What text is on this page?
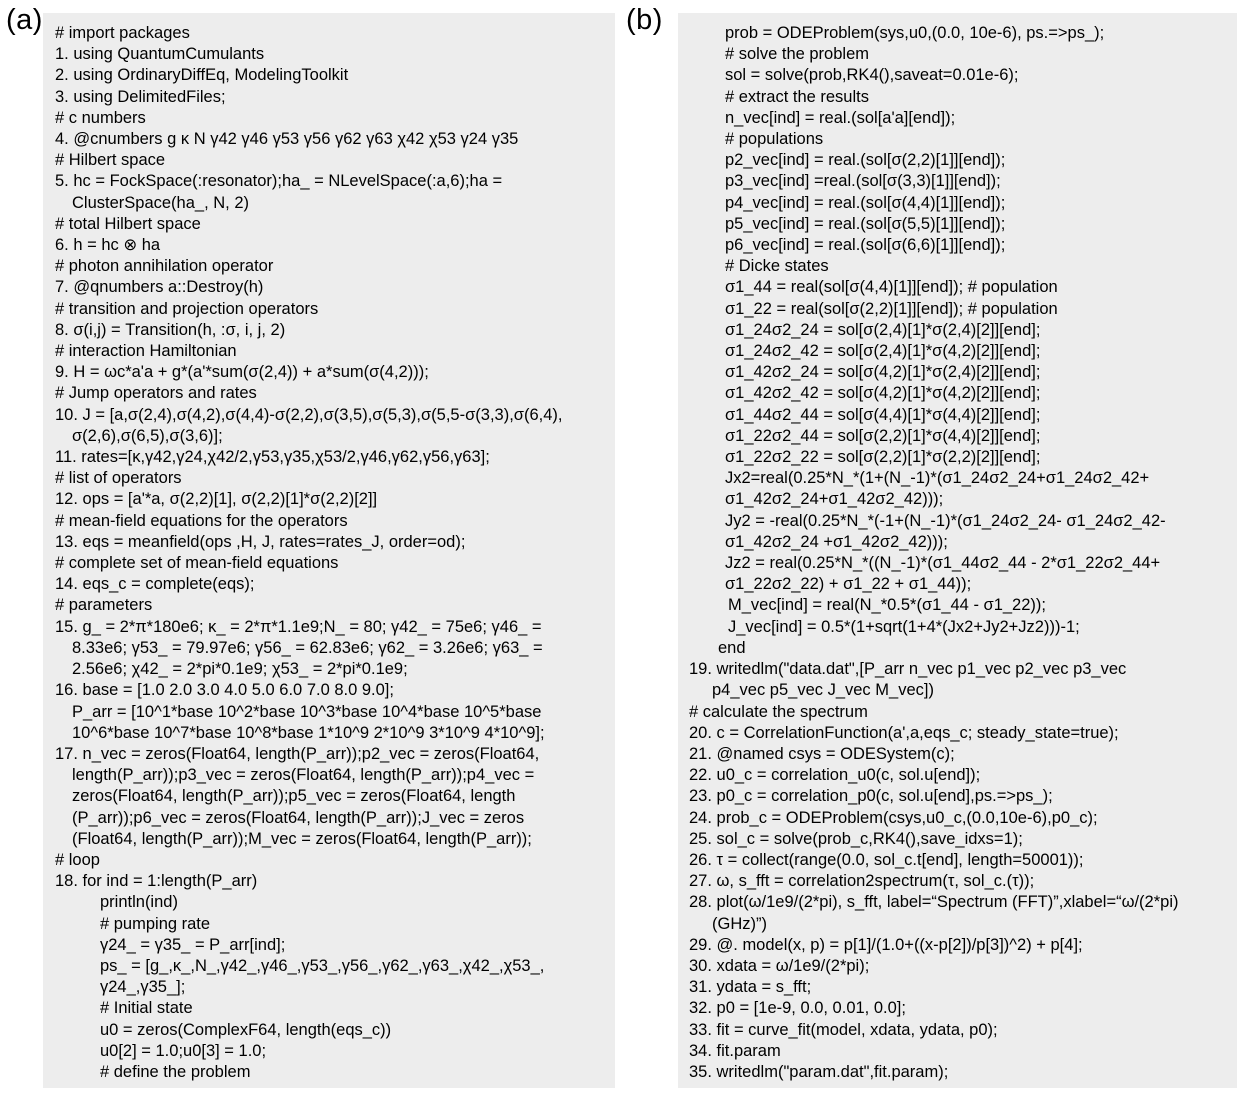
(a) # import packages
1. using QuantumCumulants
2. using OrdinaryDiffEq, ModelingToolkit
3. using DelimitedFiles;
# c numbers
4. @cnumbers g κ N γ42 γ46 γ53 γ56 γ62 γ63 χ42 χ53 γ24 γ35
# Hilbert space
5. hc = FockSpace(:resonator);ha_ = NLevelSpace(:a,6);ha =
ClusterSpace(ha_, N, 2)
# total Hilbert space
6. h = hc ⊗ ha
# photon annihilation operator
7. @qnumbers a::Destroy(h)
# transition and projection operators
8. σ(i,j) = Transition(h, :σ, i, j, 2)
# interaction Hamiltonian
9. H = ωc*a'a + g*(a'*sum(σ(2,4)) + a*sum(σ(4,2)));
# Jump operators and rates
10. J = [a,σ(2,4),σ(4,2),σ(4,4)-σ(2,2),σ(3,5),σ(5,3),σ(5,5-σ(3,3),σ(6,4),
σ(2,6),σ(6,5),σ(3,6)];
11. rates=[κ,γ42,γ24,χ42/2,γ53,γ35,χ53/2,γ46,γ62,γ56,γ63];
# list of operators
12. ops = [a'*a, σ(2,2)[1], σ(2,2)[1]*σ(2,2)[2]]
# mean-field equations for the operators
13. eqs = meanfield(ops ,H, J, rates=rates_J, order=od);
# complete set of mean-field equations
14. eqs_c = complete(eqs);
# parameters
15. g_ = 2*π*180e6; κ_ = 2*π*1.1e9;N_ = 80; γ42_ = 75e6; γ46_ =
8.33e6; γ53_ = 79.97e6; γ56_ = 62.83e6; γ62_ = 3.26e6; γ63_ =
2.56e6; χ42_ = 2*pi*0.1e9; χ53_ = 2*pi*0.1e9;
16. base = [1.0 2.0 3.0 4.0 5.0 6.0 7.0 8.0 9.0];
P_arr = [10^1*base 10^2*base 10^3*base 10^4*base 10^5*base
10^6*base 10^7*base 10^8*base 1*10^9 2*10^9 3*10^9 4*10^9];
17. n_vec = zeros(Float64, length(P_arr));p2_vec = zeros(Float64,
length(P_arr));p3_vec = zeros(Float64, length(P_arr));p4_vec =
zeros(Float64, length(P_arr));p5_vec = zeros(Float64, length
(P_arr));p6_vec = zeros(Float64, length(P_arr));J_vec = zeros
(Float64, length(P_arr));M_vec = zeros(Float64, length(P_arr));
# loop
18. for ind = 1:length(P_arr)
println(ind)
# pumping rate
γ24_ = γ35_ = P_arr[ind];
ps_ = [g_,κ_,N_,γ42_,γ46_,γ53_,γ56_,γ62_,γ63_,χ42_,χ53_,
γ24_,γ35_];
# Initial state
u0 = zeros(ComplexF64, length(eqs_c))
u0[2] = 1.0;u0[3] = 1.0;
# define the problem
(b)	prob = ODEProblem(sys,u0,(0.0, 10e-6), ps.=>ps_);
# solve the problem
sol = solve(prob,RK4(),saveat=0.01e-6);
# extract the results
n_vec[ind] = real.(sol[a'a][end]);
# populations
p2_vec[ind] = real.(sol[σ(2,2)[1]][end]);
p3_vec[ind] =real.(sol[σ(3,3)[1]][end]);
p4_vec[ind] = real.(sol[σ(4,4)[1]][end]);
p5_vec[ind] = real.(sol[σ(5,5)[1]][end]);
p6_vec[ind] = real.(sol[σ(6,6)[1]][end]);
# Dicke states
σ1_44 = real(sol[σ(4,4)[1]][end]); # population
σ1_22 = real(sol[σ(2,2)[1]][end]); # population
σ1_24σ2_24 = sol[σ(2,4)[1]*σ(2,4)[2]][end];
σ1_24σ2_42 = sol[σ(2,4)[1]*σ(4,2)[2]][end];
σ1_42σ2_24 = sol[σ(4,2)[1]*σ(2,4)[2]][end];
σ1_42σ2_42 = sol[σ(4,2)[1]*σ(4,2)[2]][end];
σ1_44σ2_44 = sol[σ(4,4)[1]*σ(4,4)[2]][end];
σ1_22σ2_44 = sol[σ(2,2)[1]*σ(4,4)[2]][end];
σ1_22σ2_22 = sol[σ(2,2)[1]*σ(2,2)[2]][end];
Jx2=real(0.25*N_*(1+(N_-1)*(σ1_24σ2_24+σ1_24σ2_42+
σ1_42σ2_24+σ1_42σ2_42)));
Jy2 = -real(0.25*N_*(-1+(N_-1)*(σ1_24σ2_24- σ1_24σ2_42-
σ1_42σ2_24 +σ1_42σ2_42)));
Jz2 = real(0.25*N_*((N_-1)*(σ1_44σ2_44 - 2*σ1_22σ2_44+
σ1_22σ2_22) + σ1_22 + σ1_44));
M_vec[ind] = real(N_*0.5*(σ1_44 - σ1_22));
J_vec[ind] = 0.5*(1+sqrt(1+4*(Jx2+Jy2+Jz2)))-1;
end
19. writedlm("data.dat",[P_arr n_vec p1_vec p2_vec p3_vec
p4_vec p5_vec J_vec M_vec])
# calculate the spectrum
20. c = CorrelationFunction(a',a,eqs_c; steady_state=true);
21. @named csys = ODESystem(c);
22. u0_c = correlation_u0(c, sol.u[end]);
23. p0_c = correlation_p0(c, sol.u[end],ps.=>ps_);
24. prob_c = ODEProblem(csys,u0_c,(0.0,10e-6),p0_c);
25. sol_c = solve(prob_c,RK4(),save_idxs=1);
26. τ = collect(range(0.0, sol_c.t[end], length=50001));
27. ω, s_fft = correlation2spectrum(τ, sol_c.(τ));
28. plot(ω/1e9/(2*pi), s_fft, label=“Spectrum (FFT)”,xlabel=“ω/(2*pi)
(GHz)”)
29. @. model(x, p) = p[1]/(1.0+((x-p[2])/p[3])^2) + p[4];
30. xdata = ω/1e9/(2*pi);
31. ydata = s_fft;
32. p0 = [1e-9, 0.0, 0.01, 0.0];
33. fit = curve_fit(model, xdata, ydata, p0);
34. fit.param
35. writedlm("param.dat",fit.param);
